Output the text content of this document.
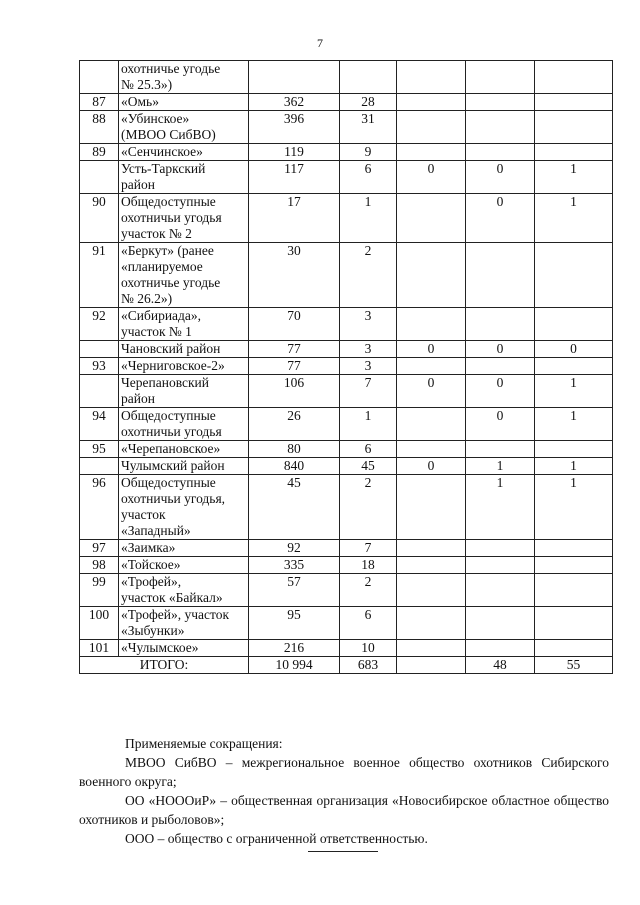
7

	охотничье угодье
№ 25.3»)					

87	«Омь»	362	28			
88	«Убинское»
(МВОО СибВО)	396	31			
89	«Сенчинское»	119	9			

	Усть-Таркский
район	117	6	0	0	1
90	Общедоступные
охотничьи угодья
участок № 2	17	1		0	1
91	«Беркут» (ранее
«планируемое
охотничье угодье
№ 26.2»)	30	2			
92	«Сибириада»,
участок № 1	70	3			

	Чановский район	77	3	0	0	0
93	«Черниговское-2»	77	3			

	Черепановский
район	106	7	0	0	1
94	Общедоступные
охотничьи угодья	26	1		0	1
95	«Черепановское»	80	6			

	Чулымский район	840	45	0	1	1
96	Общедоступные
охотничьи угодья,
участок
«Западный»	45	2		1	1
97	«Заимка»	92	7			
98	«Тойское»	335	18			
99	«Трофей»,
участок «Байкал»	57	2			
100	«Трофей», участок
«Зыбунки»	95	6			
101	«Чулымское»	216	10			
ИТОГО:		10 994	683		48	55

Применяемые сокращения:

МВОО СибВО – межрегиональное военное общество охотников Сибирского военного округа;

ОО «НОООиР» – общественная организация «Новосибирское областное общество охотников и рыболовов»;

ООО – общество с ограниченной ответственностью.
